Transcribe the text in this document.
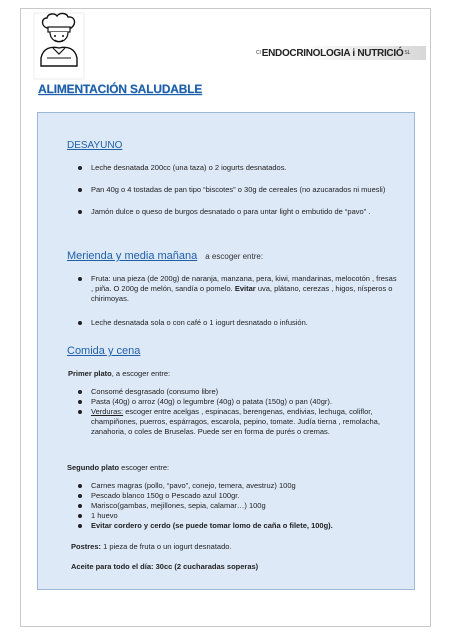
Cl ENDOCRINOLOGIA i NUTRICIÓ SL
ALIMENTACIÓN SALUDABLE
DESAYUNO
Leche desnatada 200cc (una taza) o 2 iogurts desnatados.
Pan 40g o 4 tostadas de pan tipo “biscotes” o 30g de cereales (no azucarados ni muesli)
Jamón dulce o queso de burgos desnatado o para untar light o embutido de “pavo” .
Merienda y media mañana a escoger entre:
Fruta: una pieza (de 200g) de naranja, manzana, pera, kiwi, mandarinas, melocotón , fresas , piña. O 200g de melón, sandía o pomelo. Evitar uva, plátano, cerezas , higos, nísperos o chirimoyas.
Leche desnatada sola o con café o 1 iogurt desnatado o infusión.
Comida y cena
Primer plato, a escoger entre:
Consomé desgrasado (consumo libre)
Pasta (40g) o arroz (40g) o legumbre (40g) o patata (150g) o pan (40gr).
Verduras: escoger entre acelgas , espinacas, berengenas, endivias, lechuga, coliflor, champiñones, puerros, espárragos, escarola, pepino, tomate. Judía tierna , remolacha, zanahoria, o coles de Bruselas. Puede ser en forma de purés o cremas.
Segundo plato escoger entre:
Carnes magras (pollo, “pavo”, conejo, temera, avestruz) 100g
Pescado blanco 150g o Pescado azul 100gr.
Marisco(gambas, mejillones, sepia, calamar…) 100g
1 huevo
Evitar cordero y cerdo (se puede tomar lomo de caña o filete, 100g).
Postres: 1 pieza de fruta o un iogurt desnatado.
Aceite para todo el día: 30cc (2 cucharadas soperas)
